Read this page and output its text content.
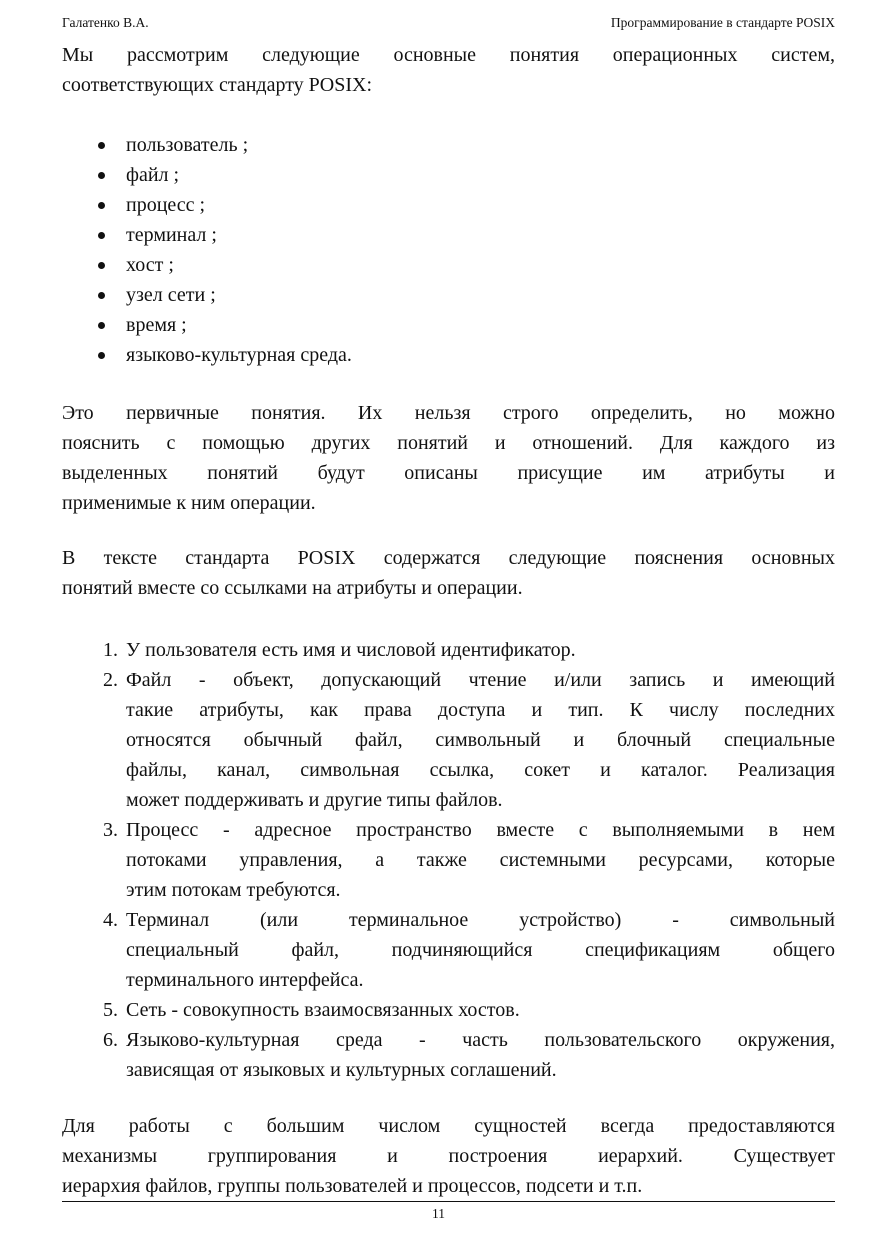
Галатенко В.А.	Программирование в стандарте POSIX
Мы рассмотрим следующие основные понятия операционных систем,
соответствующих стандарту POSIX:
пользователь ;
файл ;
процесс ;
терминал ;
хост ;
узел сети ;
время ;
языково-культурная среда.
Это первичные понятия. Их нельзя строго определить, но можно
пояснить с помощью других понятий и отношений. Для каждого из
выделенных понятий будут описаны присущие им атрибуты и
применимые к ним операции.
В тексте стандарта POSIX содержатся следующие пояснения основных
понятий вместе со ссылками на атрибуты и операции.
1. У пользователя есть имя и числовой идентификатор.
2. Файл - объект, допускающий чтение и/или запись и имеющий
такие атрибуты, как права доступа и тип. К числу последних
относятся обычный файл, символьный и блочный специальные
файлы, канал, символьная ссылка, сокет и каталог. Реализация
может поддерживать и другие типы файлов.
3. Процесс - адресное пространство вместе с выполняемыми в нем
потоками управления, а также системными ресурсами, которые
этим потокам требуются.
4. Терминал (или терминальное устройство) - символьный
специальный файл, подчиняющийся спецификациям общего
терминального интерфейса.
5. Сеть - совокупность взаимосвязанных хостов.
6. Языково-культурная среда - часть пользовательского окружения,
зависящая от языковых и культурных соглашений.
Для работы с большим числом сущностей всегда предоставляются
механизмы группирования и построения иерархий. Существует
иерархия файлов, группы пользователей и процессов, подсети и т.п.
11
